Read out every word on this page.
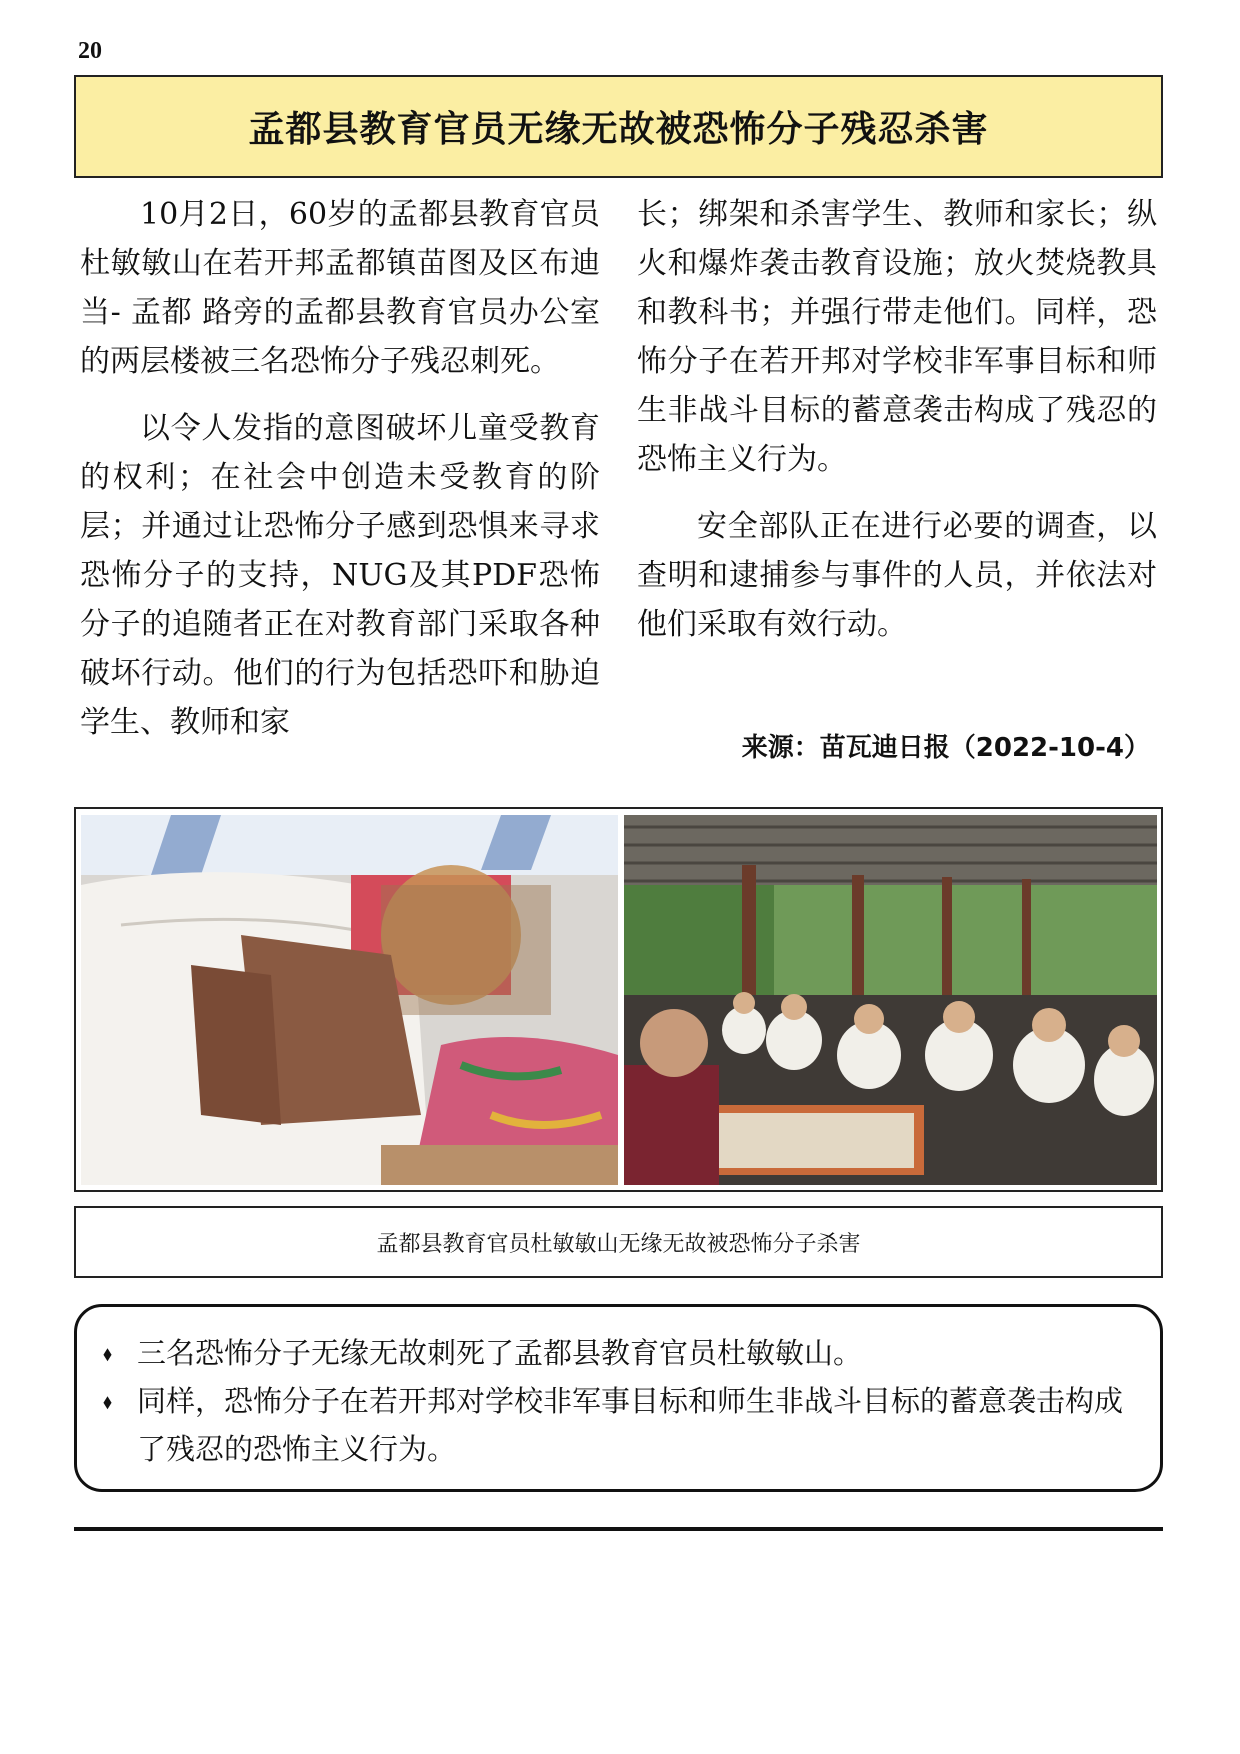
20
孟都县教育官员无缘无故被恐怖分子残忍杀害

10月2日，60岁的孟都县教育官员杜敏敏山在若开邦孟都镇苗图及区布迪当- 孟都 路旁的孟都县教育官员办公室的两层楼被三名恐怖分子残忍刺死。

以令人发指的意图破坏儿童受教育的权利；在社会中创造未受教育的阶层；并通过让恐怖分子感到恐惧来寻求恐怖分子的支持，NUG及其PDF恐怖分子的追随者正在对教育部门采取各种破坏行动。他们的行为包括恐吓和胁迫学生、教师和家

长；绑架和杀害学生、教师和家长；纵火和爆炸袭击教育设施；放火焚烧教具和教科书；并强行带走他们。同样，恐怖分子在若开邦对学校非军事目标和师生非战斗目标的蓄意袭击构成了残忍的恐怖主义行为。

安全部队正在进行必要的调查，以查明和逮捕参与事件的人员，并依法对他们采取有效行动。

来源：苗瓦迪日报（2022-10-4）
孟都县教育官员杜敏敏山无缘无故被恐怖分子杀害
⬧ 三名恐怖分子无缘无故刺死了孟都县教育官员杜敏敏山。
⬧ 同样，恐怖分子在若开邦对学校非军事目标和师生非战斗目标的蓄意袭击构成了残忍的恐怖主义行为。
